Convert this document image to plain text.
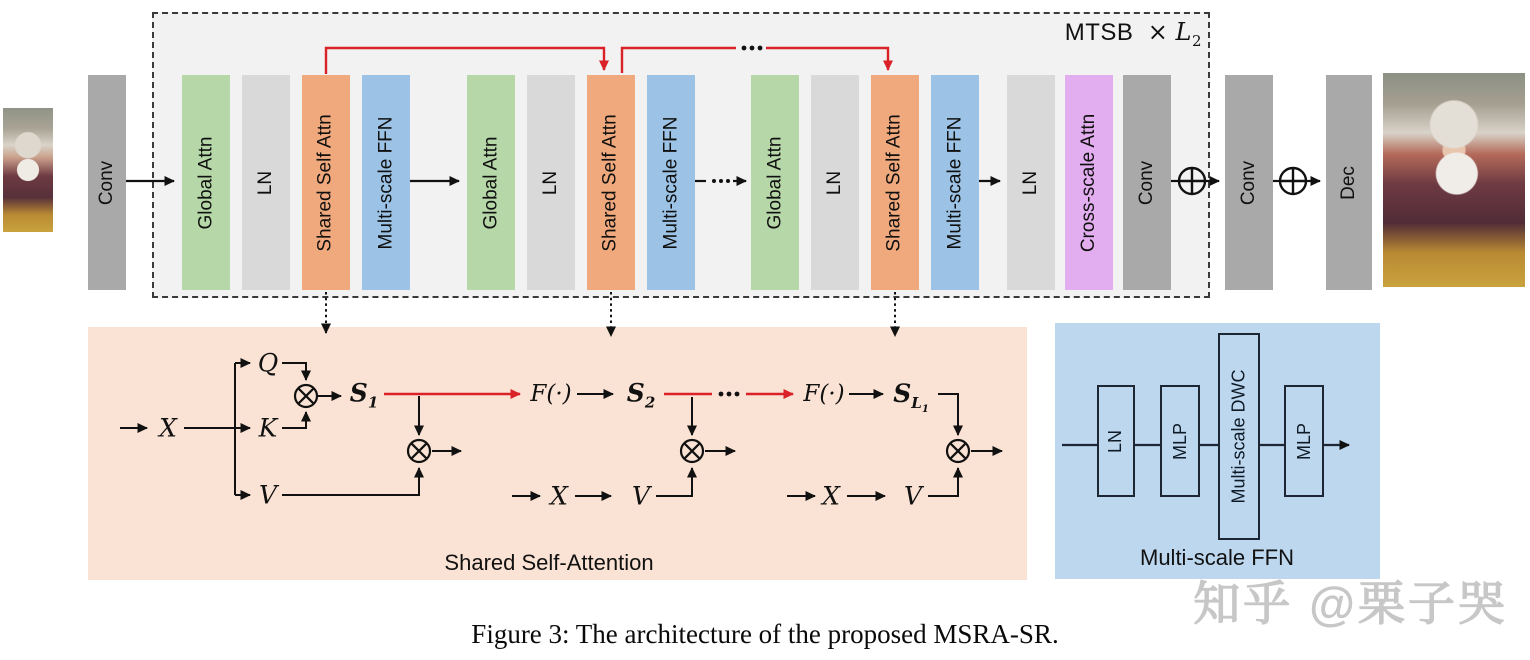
MTSB × $L_2$
Conv	Global Attn LN Shared Self Attn Multi-scale FFN	Global Attn LN Shared Self Attn Multi-scale FFN	Global Attn LN Shared Self Attn Multi-scale FFN	LN Cross-scale Attn Conv	Conv	Dec
LN MLP Multi-scale DWC	MLP
Shared Self-Attention	Multi-scale FFN
X
Q
K
V
$S_1$	F(·) $S_2$
X	V
F(·) $S_{L_1}$
X	V
Figure 3: The architecture of the proposed MSRA-SR.
知乎 @栗子哭
